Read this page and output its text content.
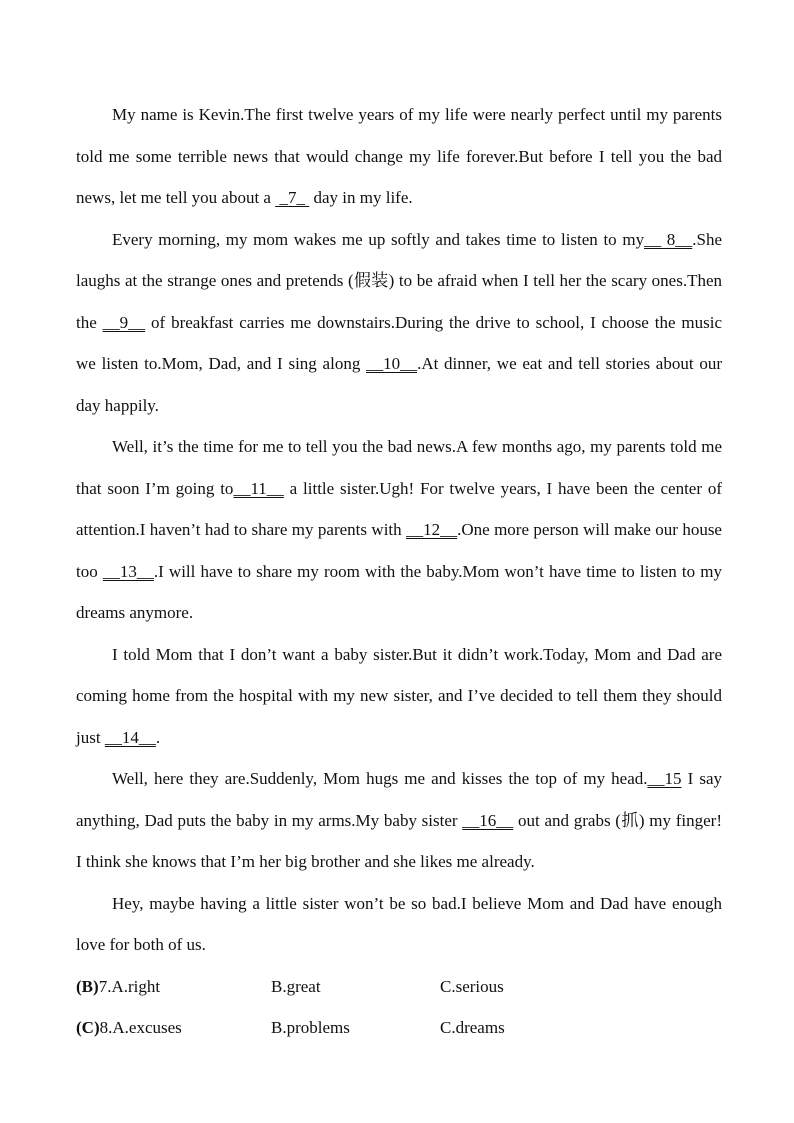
My name is Kevin.The first twelve years of my life were nearly perfect until my parents told me some terrible news that would change my life forever.But before I tell you the bad news, let me tell you about a  _7_  day in my life.

Every morning, my mom wakes me up softly and takes time to listen to my__ 8__.She laughs at the strange ones and pretends (假装) to be afraid when I tell her the scary ones.Then the __9__ of breakfast carries me downstairs.During the drive to school, I choose the music we listen to.Mom, Dad, and I sing along __10__.At dinner, we eat and tell stories about our day happily.

Well, it’s the time for me to tell you the bad news.A few months ago, my parents told me that soon I’m going to__11__ a little sister.Ugh! For twelve years, I have been the center of attention.I haven’t had to share my parents with __12__.One more person will make our house too __13__.I will have to share my room with the baby.Mom won’t have time to listen to my dreams anymore.

I told Mom that I don’t want a baby sister.But it didn’t work.Today, Mom and Dad are coming home from the hospital with my new sister, and I’ve decided to tell them they should just __14__.

Well, here they are.Suddenly, Mom hugs me and kisses the top of my head.__15 I say anything, Dad puts the baby in my arms.My baby sister __16__ out and grabs (抓) my finger! I think she knows that I’m her big brother and she likes me already.

Hey, maybe having a little sister won’t be so bad.I believe Mom and Dad have enough love for both of us.

(B)7.A.right	B.great	C.serious
(C)8.A.excuses	B.problems	C.dreams
